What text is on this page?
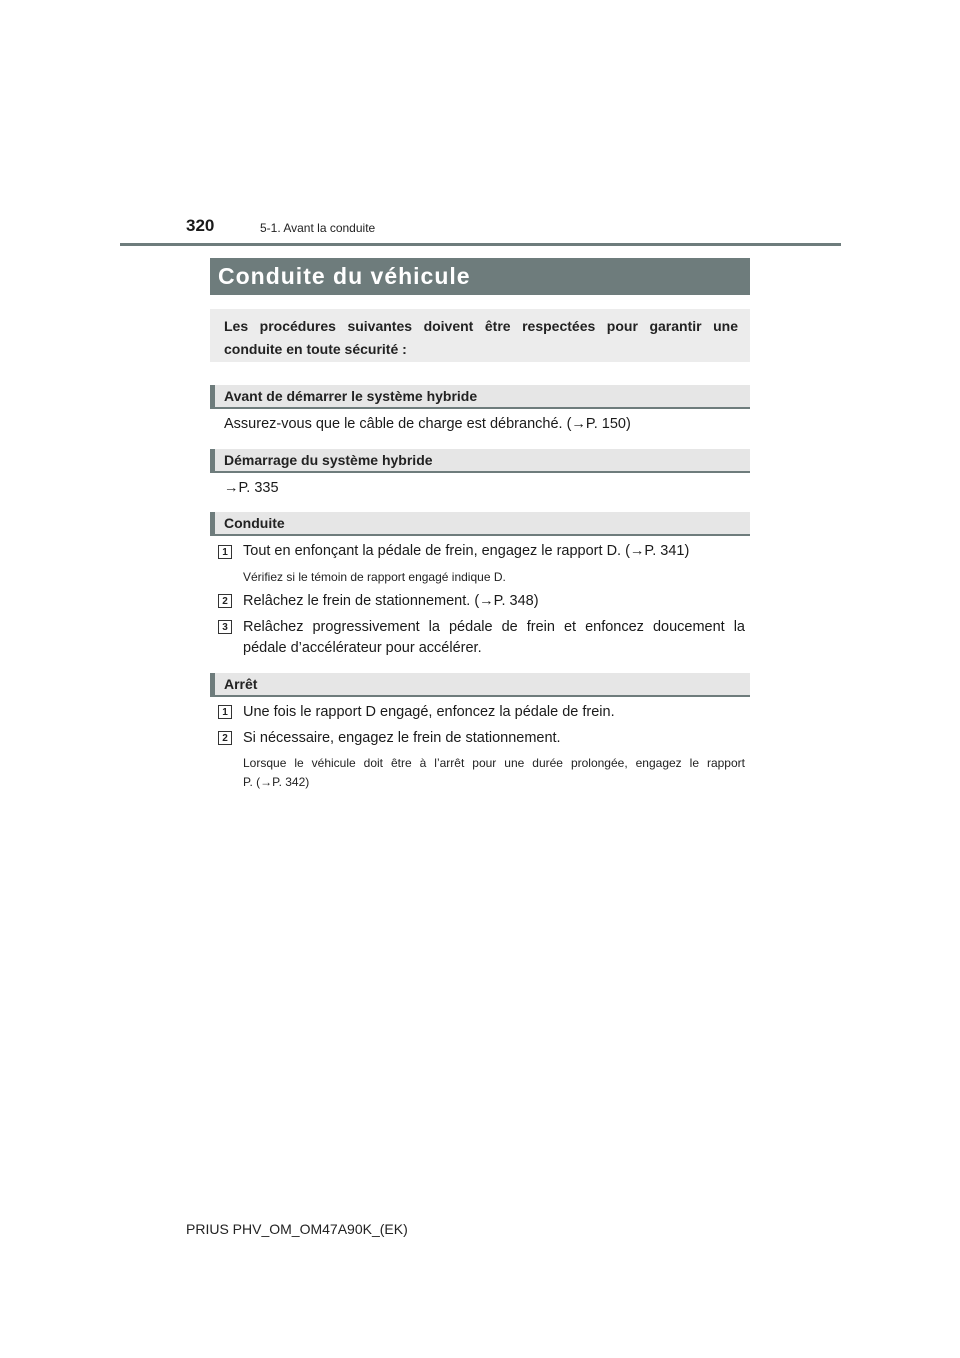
320	5-1. Avant la conduite
Conduite du véhicule
Les procédures suivantes doivent être respectées pour garantir une conduite en toute sécurité :
Avant de démarrer le système hybride
Assurez-vous que le câble de charge est débranché. (→P. 150)
Démarrage du système hybride
→P. 335
Conduite
1 Tout en enfonçant la pédale de frein, engagez le rapport D. (→P. 341)
Vérifiez si le témoin de rapport engagé indique D.
2 Relâchez le frein de stationnement. (→P. 348)
3 Relâchez progressivement la pédale de frein et enfoncez doucement la
pédale d’accélérateur pour accélérer.
Arrêt
1 Une fois le rapport D engagé, enfoncez la pédale de frein.
2 Si nécessaire, engagez le frein de stationnement.
Lorsque le véhicule doit être à l’arrêt pour une durée prolongée, engagez le rapport
P. (→P. 342)
PRIUS PHV_OM_OM47A90K_(EK)
